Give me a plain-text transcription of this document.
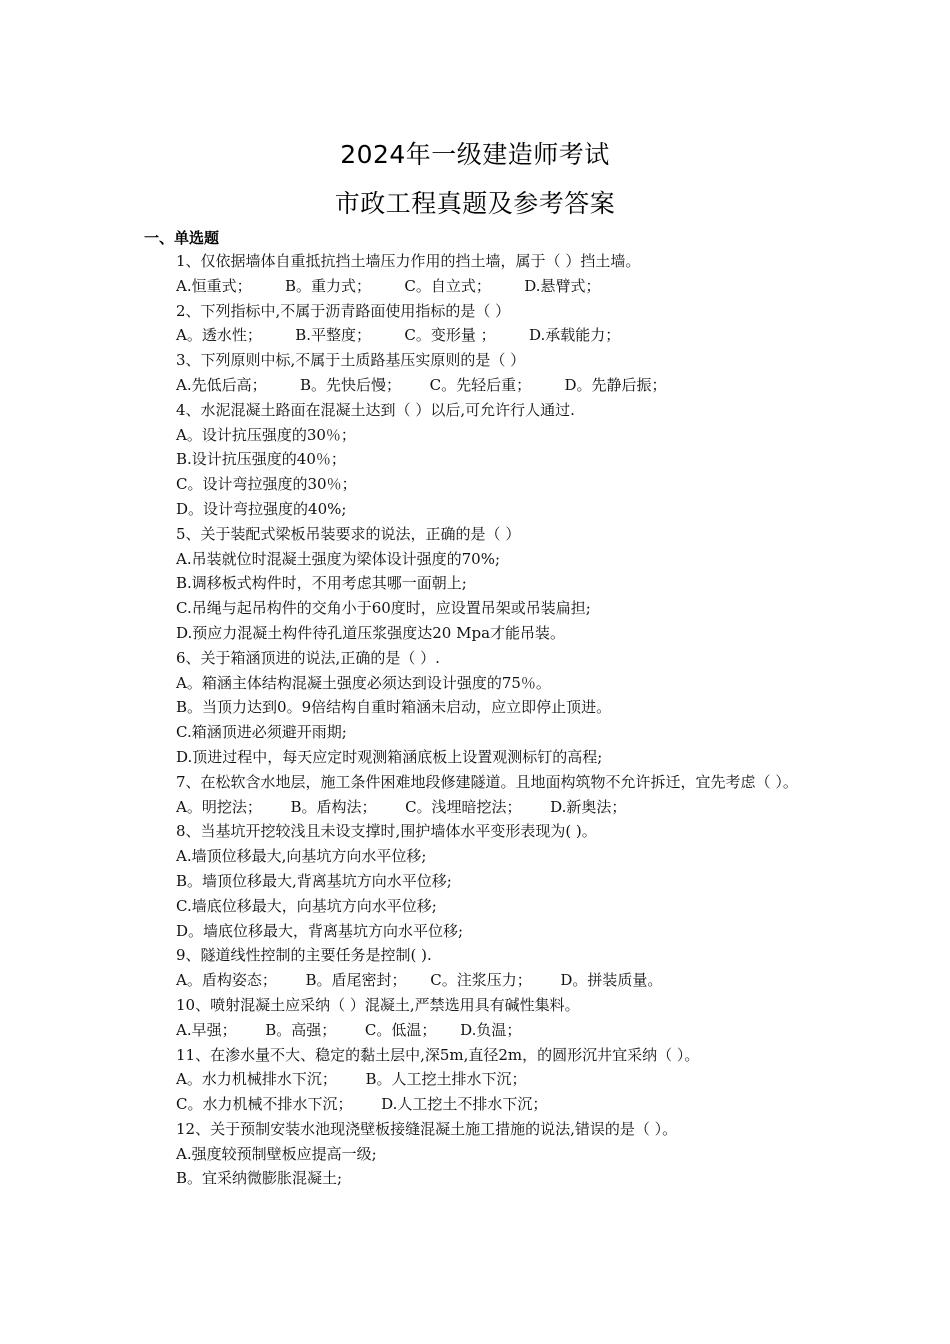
2024年一级建造师考试
市政工程真题及参考答案
一、单选题
1、仅依据墙体自重抵抗挡土墙压力作用的挡土墙，属于（ ）挡土墙。
A.恒重式；       B。重力式；       C。自立式；       D.悬臂式；
2、下列指标中,不属于沥青路面使用指标的是（ ）
A。透水性；       B.平整度；       C。变形量 ；       D.承载能力；
3、下列原则中标,不属于土质路基压实原则的是（ ）
A.先低后高；       B。先快后慢；      C。先轻后重；       D。先静后振；
4、水泥混凝土路面在混凝土达到（ ）以后,可允许行人通过.
A。设计抗压强度的30％；
B.设计抗压强度的40％；
C。设计弯拉强度的30％；
D。设计弯拉强度的40%;
5、关于装配式梁板吊装要求的说法，正确的是（ ）
A.吊装就位时混凝土强度为梁体设计强度的70%;
B.调移板式构件时，不用考虑其哪一面朝上;
C.吊绳与起吊构件的交角小于60度时，应设置吊架或吊装扁担;
D.预应力混凝土构件待孔道压浆强度达20 Mpa才能吊装。
6、关于箱涵顶进的说法,正确的是（ ）.
A。箱涵主体结构混凝土强度必须达到设计强度的75％。
B。当顶力达到0。9倍结构自重时箱涵未启动，应立即停止顶进。
C.箱涵顶进必须避开雨期;
D.顶进过程中，每天应定时观测箱涵底板上设置观测标钉的高程;
7、在松软含水地层，施工条件困难地段修建隧道。且地面构筑物不允许拆迁，宜先考虑（ ）。
A。明挖法；      B。盾构法；      C。浅埋暗挖法；      D.新奥法；
8、当基坑开挖较浅且未设支撑时,围护墙体水平变形表现为( )。
A.墙顶位移最大,向基坑方向水平位移;
B。墙顶位移最大,背离基坑方向水平位移;
C.墙底位移最大，向基坑方向水平位移;
D。墙底位移最大，背离基坑方向水平位移;
9、隧道线性控制的主要任务是控制( ).
A。盾构姿态；      B。盾尾密封；     C。注浆压力；      D。拼装质量。
10、喷射混凝土应采纳（ ）混凝土,严禁选用具有碱性集料。
A.早强；      B。高强；      C。低温；     D.负温；
11、在渗水量不大、稳定的黏土层中,深5m,直径2m，的圆形沉井宜采纳（ ）。
A。水力机械排水下沉；      B。人工挖土排水下沉；
C。水力机械不排水下沉；      D.人工挖土不排水下沉；
12、关于预制安装水池现浇壁板接缝混凝土施工措施的说法,错误的是（ ）。
A.强度较预制壁板应提高一级;
B。宜采纳微膨胀混凝土;
